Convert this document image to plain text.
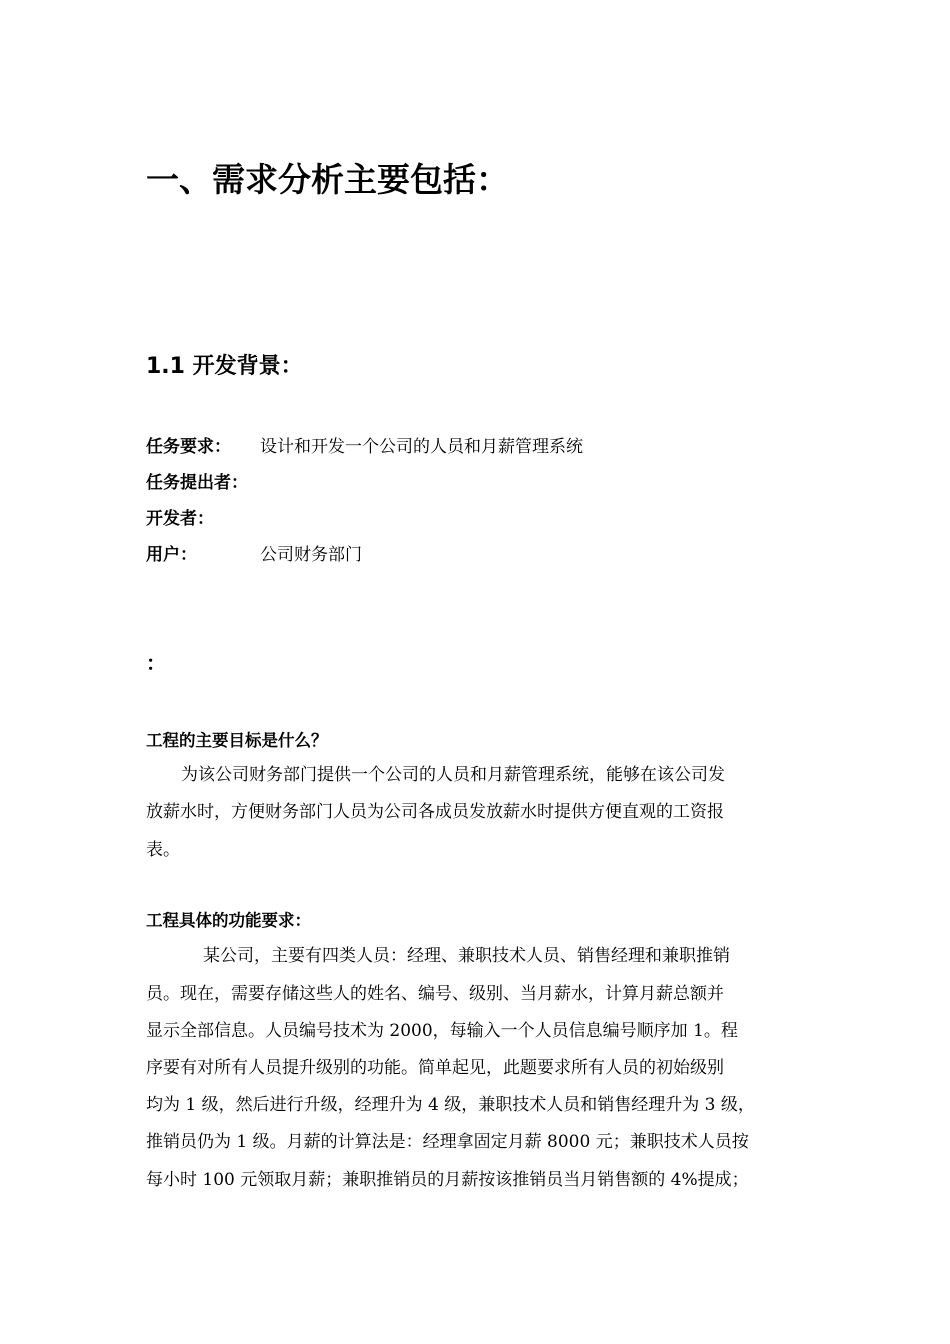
一、需求分析主要包括：
1.1 开发背景：
任务要求： 设计和开发一个公司的人员和月薪管理系统
任务提出者：
开发者：
用户：	公司财务部门
：
工程的主要目标是什么？
为该公司财务部门提供一个公司的人员和月薪管理系统，能够在该公司发
放薪水时，方便财务部门人员为公司各成员发放薪水时提供方便直观的工资报
表。
工程具体的功能要求：
某公司，主要有四类人员：经理、兼职技术人员、销售经理和兼职推销
员。现在，需要存储这些人的姓名、编号、级别、当月薪水，计算月薪总额并
显示全部信息。人员编号技术为 2000，每输入一个人员信息编号顺序加 1。程
序要有对所有人员提升级别的功能。简单起见，此题要求所有人员的初始级别
均为 1 级，然后进行升级，经理升为 4 级，兼职技术人员和销售经理升为 3 级，
推销员仍为 1 级。月薪的计算法是：经理拿固定月薪 8000 元；兼职技术人员按
每小时 100 元领取月薪；兼职推销员的月薪按该推销员当月销售额的 4%提成；
